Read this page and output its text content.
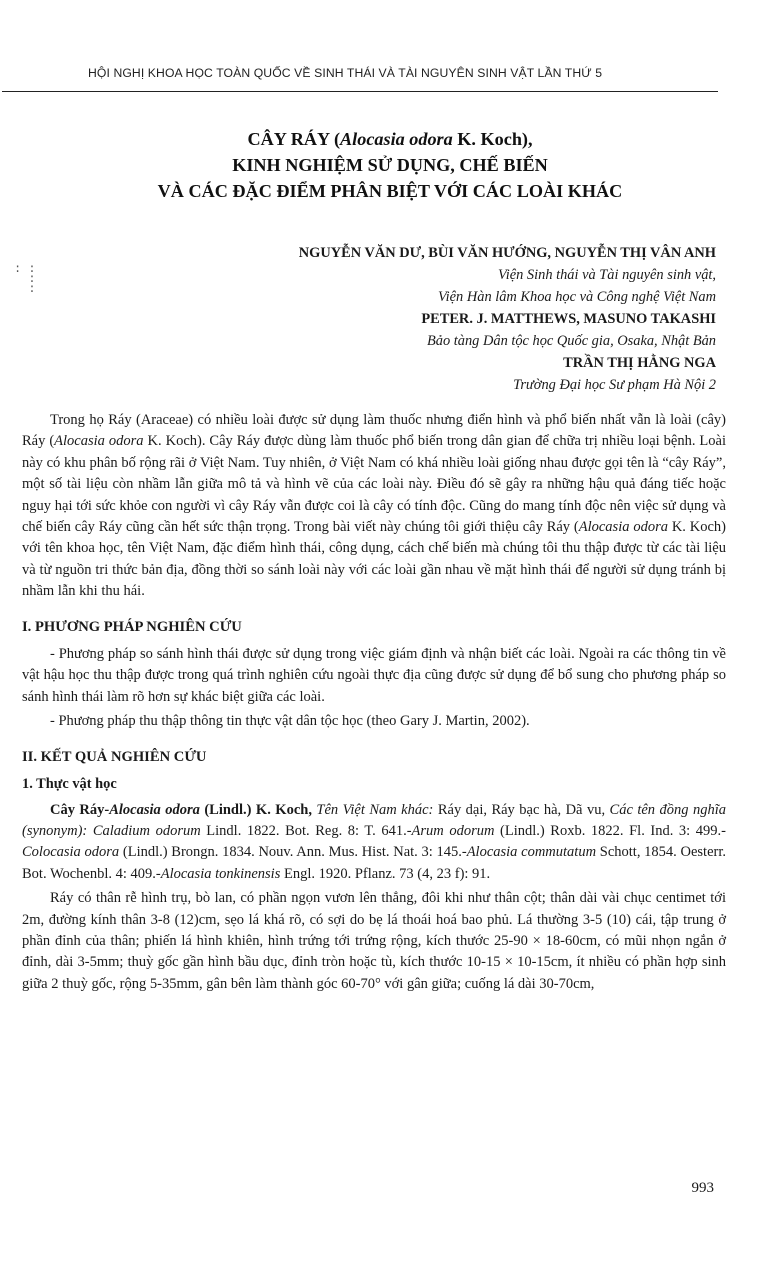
HỘI NGHỊ KHOA HỌC TOÀN QUỐC VỀ SINH THÁI VÀ TÀI NGUYÊN SINH VẬT LẦN THỨ 5
CÂY RÁY (Alocasia odora K. Koch),
KINH NGHIỆM SỬ DỤNG, CHẾ BIẾN
VÀ CÁC ĐẶC ĐIỂM PHÂN BIỆT VỚI CÁC LOÀI KHÁC
: :
:
:
NGUYỄN VĂN DƯ, BÙI VĂN HƯỚNG, NGUYỄN THỊ VÂN ANH
Viện Sinh thái và Tài nguyên sinh vật,
Viện Hàn lâm Khoa học và Công nghệ Việt Nam
PETER. J. MATTHEWS, MASUNO TAKASHI
Bảo tàng Dân tộc học Quốc gia, Osaka, Nhật Bản
TRẦN THỊ HẰNG NGA
Trường Đại học Sư phạm Hà Nội 2

Trong họ Ráy (Araceae) có nhiều loài được sử dụng làm thuốc nhưng điển hình và phổ biến nhất vẫn là loài (cây) Ráy (Alocasia odora K. Koch). Cây Ráy được dùng làm thuốc phổ biến trong dân gian để chữa trị nhiều loại bệnh. Loài này có khu phân bố rộng rãi ở Việt Nam. Tuy nhiên, ở Việt Nam có khá nhiều loài giống nhau được gọi tên là “cây Ráy”, một số tài liệu còn nhầm lẫn giữa mô tả và hình vẽ của các loài này. Điều đó sẽ gây ra những hậu quả đáng tiếc hoặc nguy hại tới sức khỏe con người vì cây Ráy vẫn được coi là cây có tính độc. Cũng do mang tính độc nên việc sử dụng và chế biến cây Ráy cũng cần hết sức thận trọng. Trong bài viết này chúng tôi giới thiệu cây Ráy (Alocasia odora K. Koch) với tên khoa học, tên Việt Nam, đặc điểm hình thái, công dụng, cách chế biến mà chúng tôi thu thập được từ các tài liệu và từ nguồn tri thức bản địa, đồng thời so sánh loài này với các loài gần nhau về mặt hình thái để người sử dụng tránh bị nhầm lẫn khi thu hái.

I. PHƯƠNG PHÁP NGHIÊN CỨU

- Phương pháp so sánh hình thái được sử dụng trong việc giám định và nhận biết các loài. Ngoài ra các thông tin về vật hậu học thu thập được trong quá trình nghiên cứu ngoài thực địa cũng được sử dụng để bổ sung cho phương pháp so sánh hình thái làm rõ hơn sự khác biệt giữa các loài.

- Phương pháp thu thập thông tin thực vật dân tộc học (theo Gary J. Martin, 2002).

II. KẾT QUẢ NGHIÊN CỨU
1. Thực vật học

Cây Ráy-Alocasia odora (Lindl.) K. Koch, Tên Việt Nam khác: Ráy dại, Ráy bạc hà, Dã vu, Các tên đồng nghĩa (synonym): Caladium odorum Lindl. 1822. Bot. Reg. 8: T. 641.-Arum odorum (Lindl.) Roxb. 1822. Fl. Ind. 3: 499.-Colocasia odora (Lindl.) Brongn. 1834. Nouv. Ann. Mus. Hist. Nat. 3: 145.-Alocasia commutatum Schott, 1854. Oesterr. Bot. Wochenbl. 4: 409.-Alocasia tonkinensis Engl. 1920. Pflanz. 73 (4, 23 f): 91.

Ráy có thân rễ hình trụ, bò lan, có phần ngọn vươn lên thẳng, đôi khi như thân cột; thân dài vài chục centimet tới 2m, đường kính thân 3-8 (12)cm, sẹo lá khá rõ, có sợi do bẹ lá thoái hoá bao phủ. Lá thường 3-5 (10) cái, tập trung ở phần đỉnh của thân; phiến lá hình khiên, hình trứng tới trứng rộng, kích thước 25-90 × 18-60cm, có mũi nhọn ngắn ở đỉnh, dài 3-5mm; thuỳ gốc gần hình bầu dục, đỉnh tròn hoặc tù, kích thước 10-15 × 10-15cm, ít nhiều có phần hợp sinh giữa 2 thuỳ gốc, rộng 5-35mm, gân bên làm thành góc 60-70° với gân giữa; cuống lá dài 30-70cm,

993
